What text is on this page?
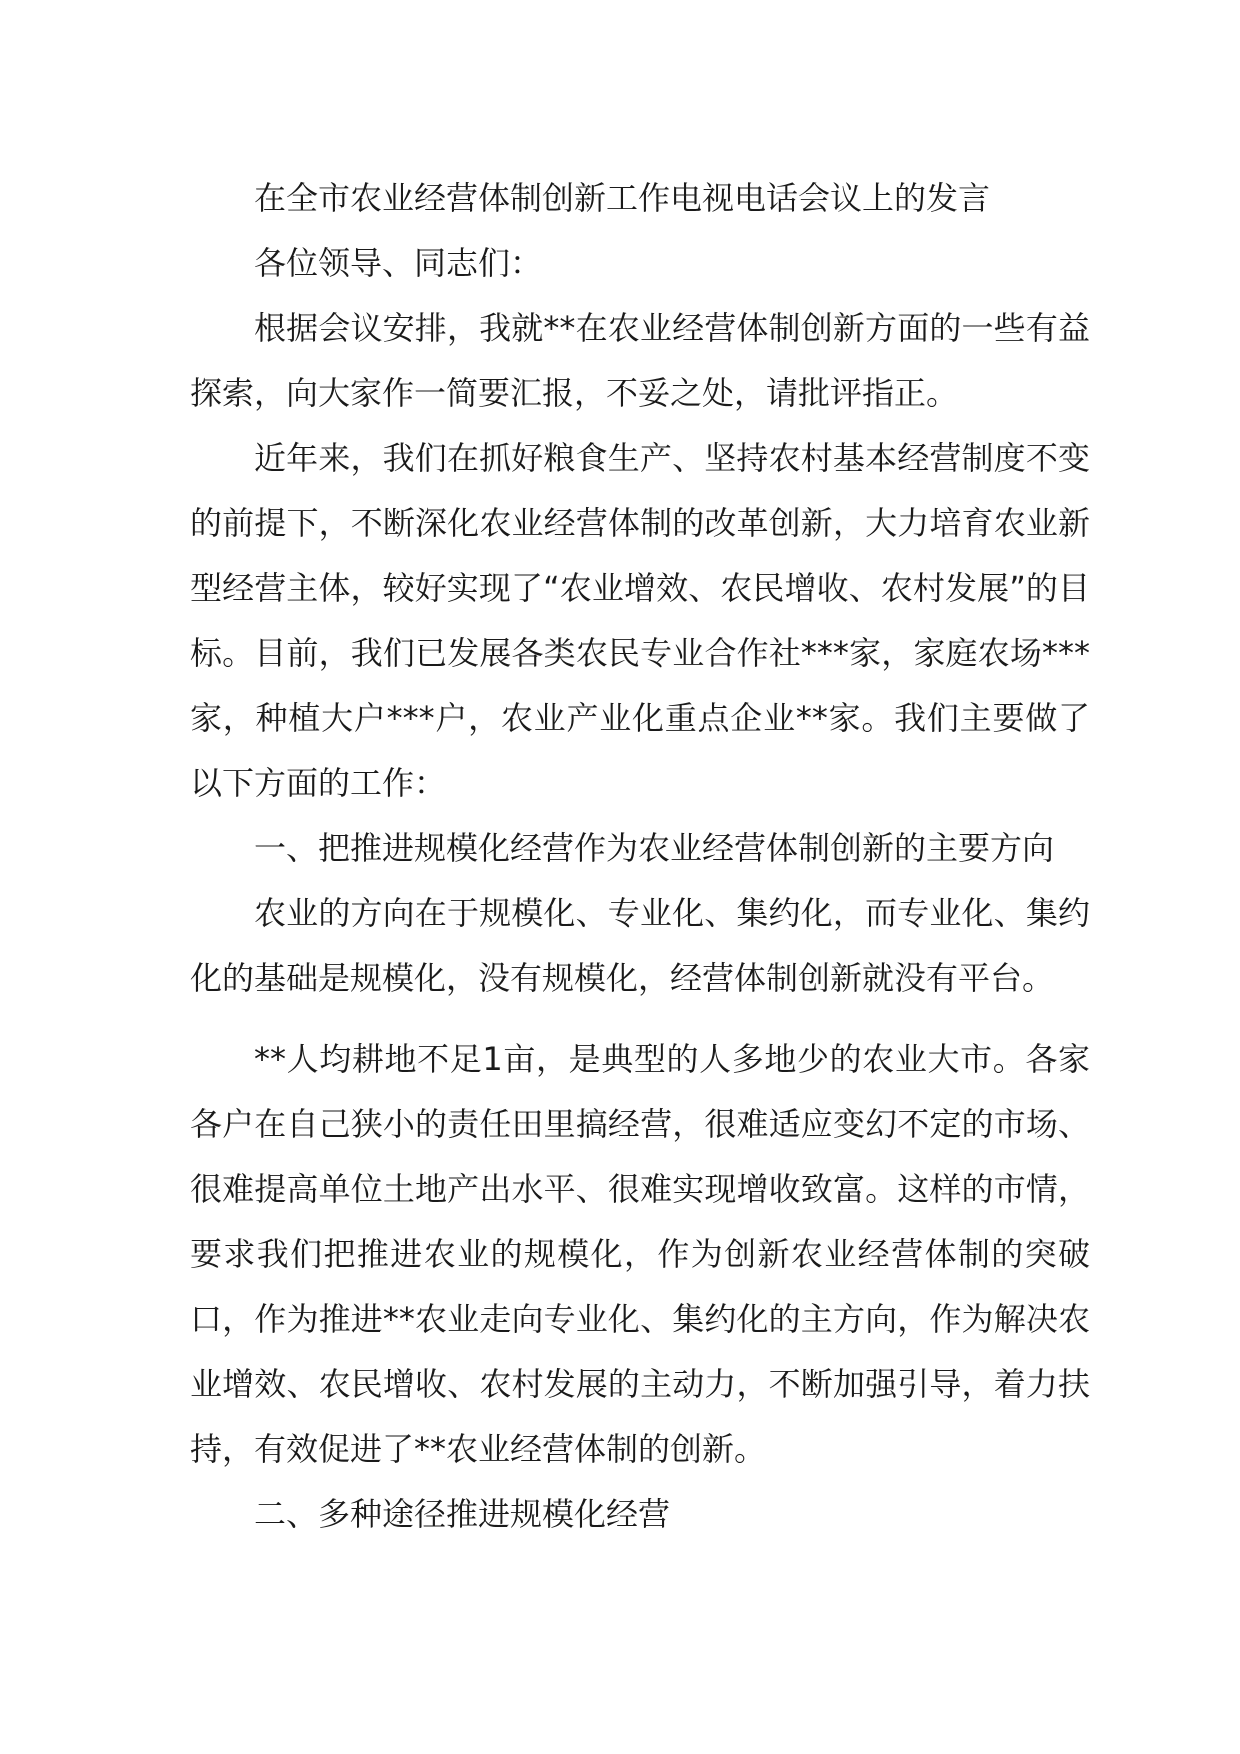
在全市农业经营体制创新工作电视电话会议上的发言

各位领导、同志们：

根据会议安排，我就**在农业经营体制创新方面的一些有益探索，向大家作一简要汇报，不妥之处，请批评指正。

近年来，我们在抓好粮食生产、坚持农村基本经营制度不变的前提下，不断深化农业经营体制的改革创新，大力培育农业新型经营主体，较好实现了“农业增效、农民增收、农村发展”的目标。目前，我们已发展各类农民专业合作社***家，家庭农场***家，种植大户***户，农业产业化重点企业**家。我们主要做了以下方面的工作：

一、把推进规模化经营作为农业经营体制创新的主要方向

农业的方向在于规模化、专业化、集约化，而专业化、集约化的基础是规模化，没有规模化，经营体制创新就没有平台。

**人均耕地不足1亩，是典型的人多地少的农业大市。各家各户在自己狭小的责任田里搞经营，很难适应变幻不定的市场、很难提高单位土地产出水平、很难实现增收致富。这样的市情，要求我们把推进农业的规模化，作为创新农业经营体制的突破口，作为推进**农业走向专业化、集约化的主方向，作为解决农业增效、农民增收、农村发展的主动力，不断加强引导，着力扶持，有效促进了**农业经营体制的创新。

二、多种途径推进规模化经营
